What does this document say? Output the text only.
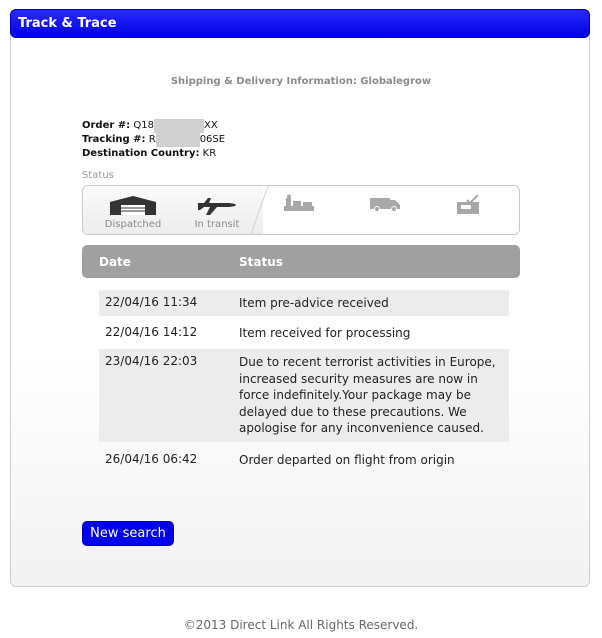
Track & Trace
Shipping & Delivery Information: Globalegrow
Order #: Q18	XX
Tracking #: R	06SE
Destination Country: KR
Status
Dispatched	In transit
Date	Status
22/04/16 11:34	Item pre-advice received
22/04/16 14:12	Item received for processing
23/04/16 22:03	Due to recent terrorist activities in Europe, increased security measures are now in force indefinitely.Your package may be delayed due to these precautions. We apologise for any inconvenience caused.
26/04/16 06:42	Order departed on flight from origin
New search
©2013 Direct Link All Rights Reserved.
